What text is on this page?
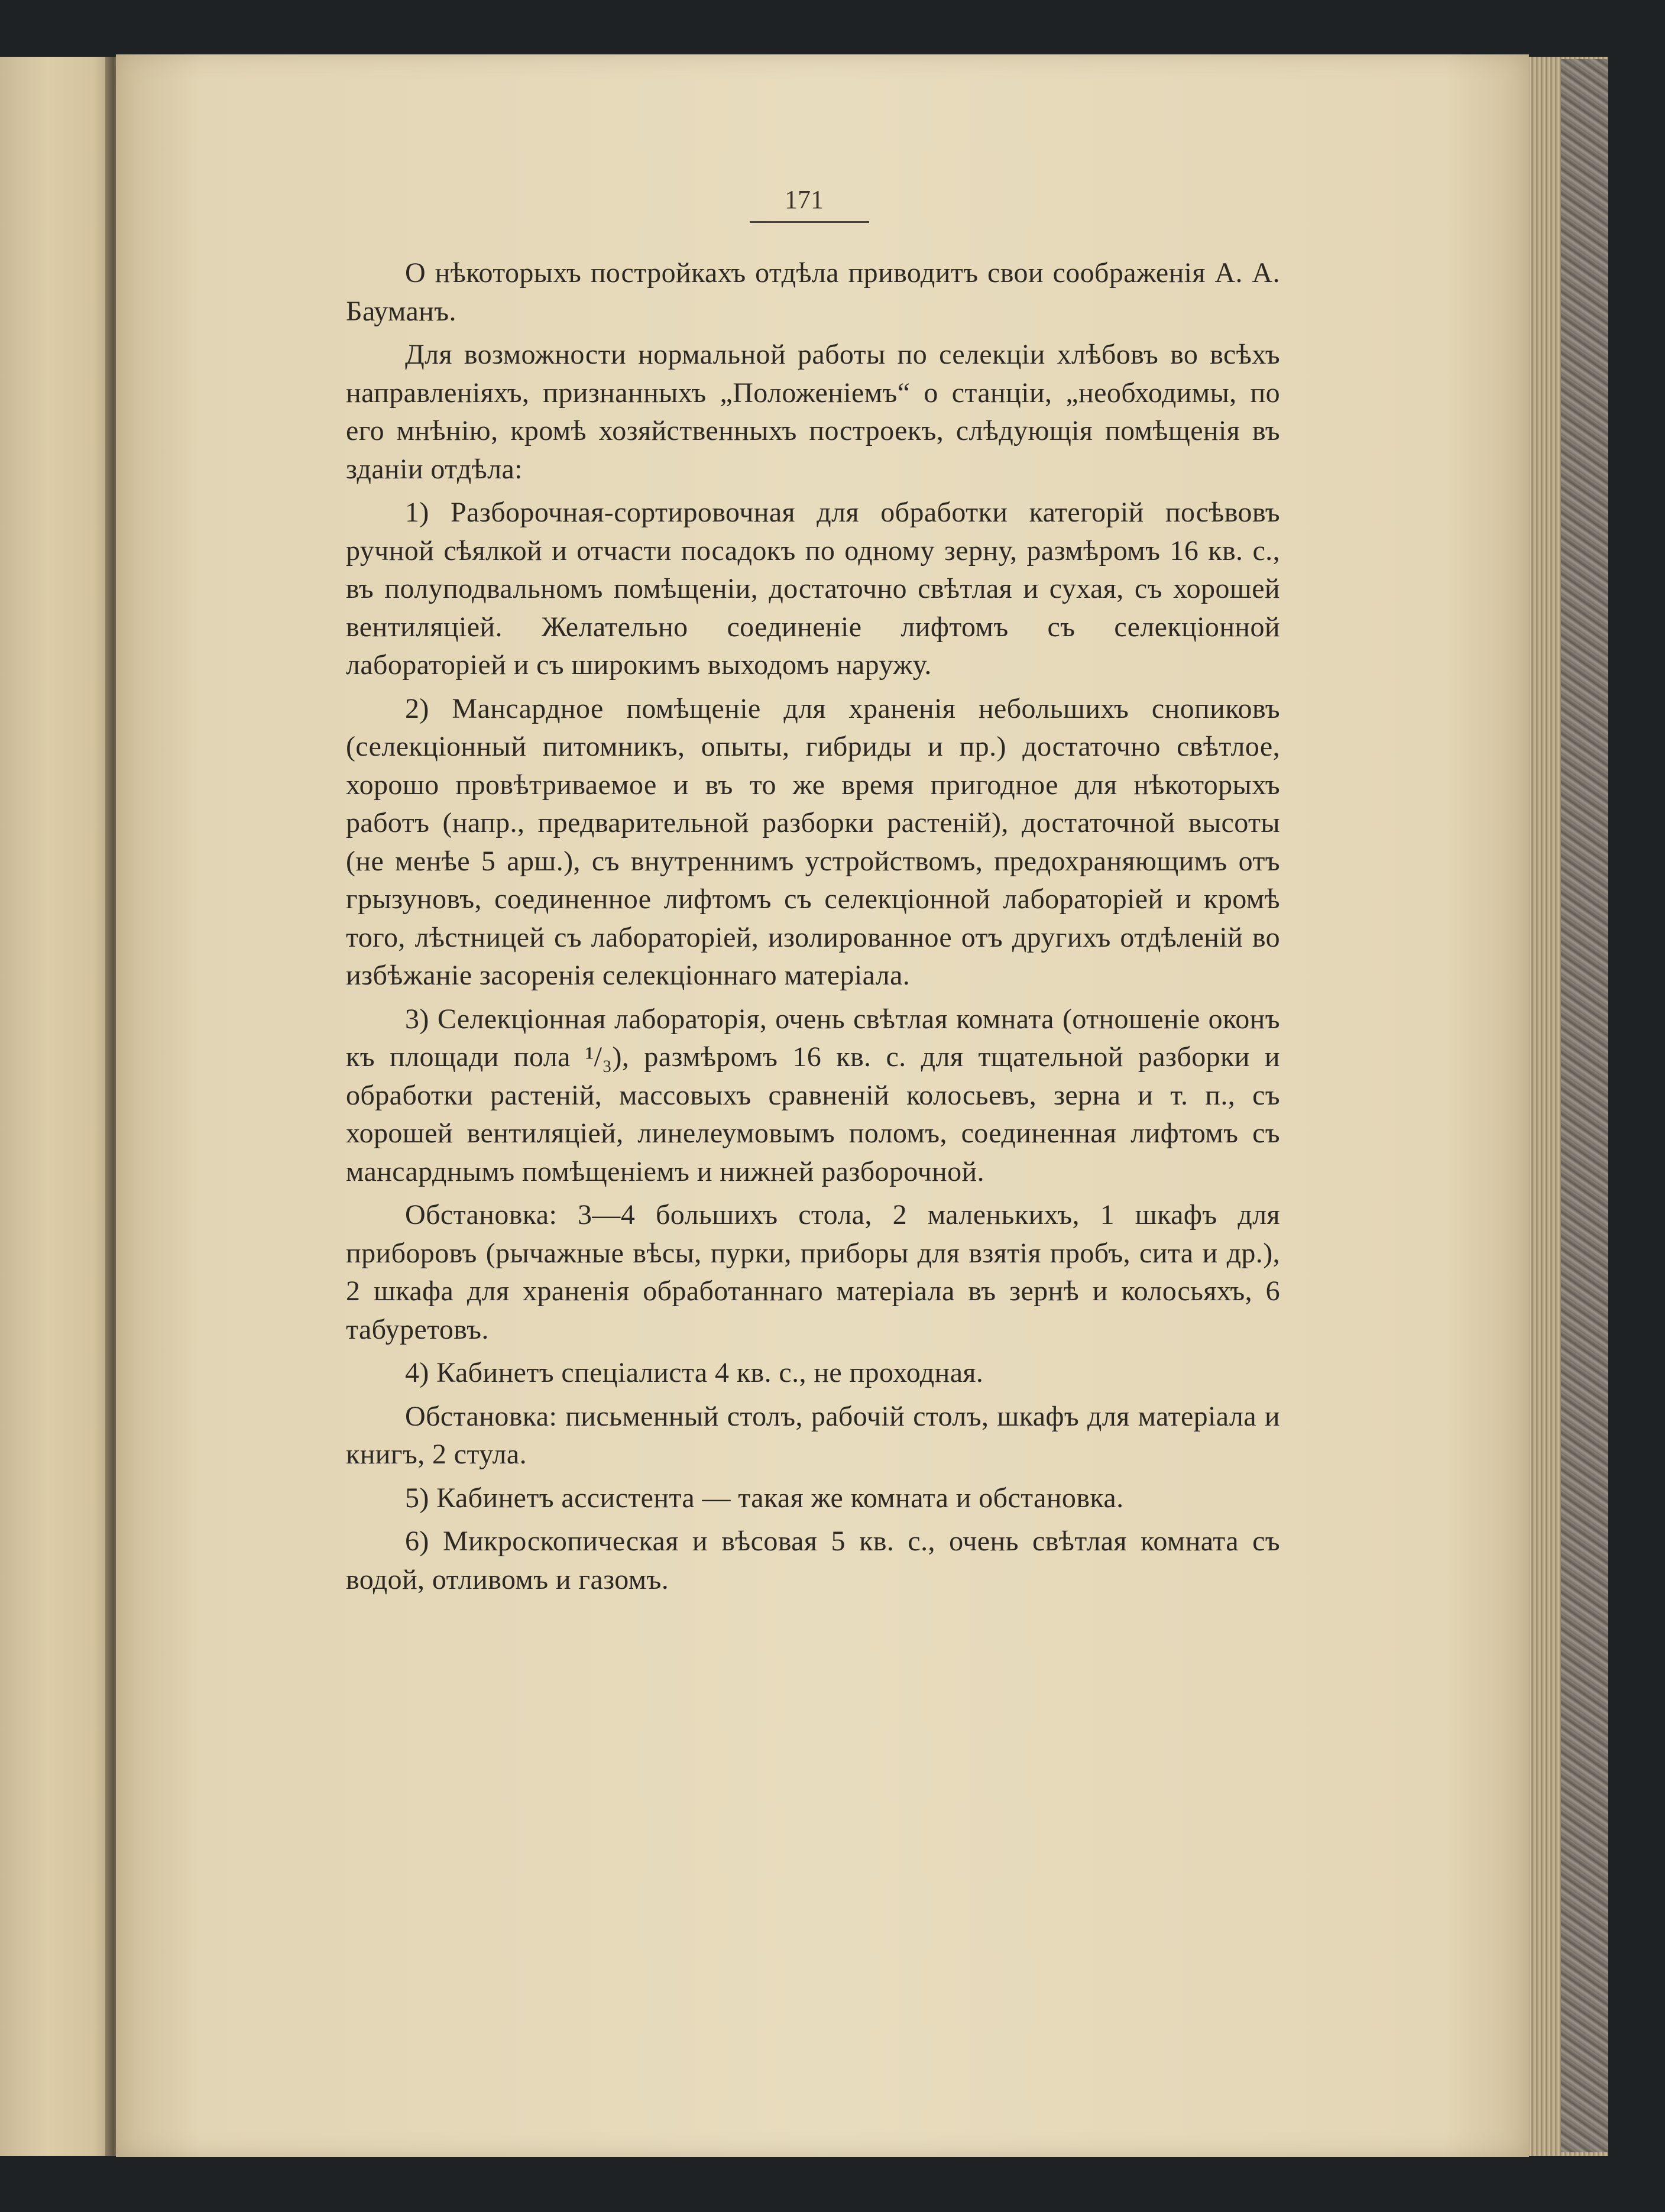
171

О нѣкоторыхъ постройкахъ отдѣла приводитъ свои соображенія А. А. Бауманъ.

Для возможности нормальной работы по селекціи хлѣбовъ во всѣхъ направленіяхъ, признанныхъ „Положеніемъ“ о станціи, „необходимы, по его мнѣнію, кромѣ хозяйственныхъ построекъ, слѣдующія помѣщенія въ зданіи отдѣла:

1) Разборочная-сортировочная для обработки категорій посѣвовъ ручной сѣялкой и отчасти посадокъ по одному зерну, размѣромъ 16 кв. с., въ полуподвальномъ помѣщеніи, достаточно свѣтлая и сухая, съ хорошей вентиляціей. Желательно соединеніе лифтомъ съ селекціонной лабораторіей и съ широкимъ выходомъ наружу.

2) Мансардное помѣщеніе для храненія небольшихъ снопиковъ (селекціонный питомникъ, опыты, гибриды и пр.) достаточно свѣтлое, хорошо провѣтриваемое и въ то же время пригодное для нѣкоторыхъ работъ (напр., предварительной разборки растеній), достаточной высоты (не менѣе 5 арш.), съ внутреннимъ устройствомъ, предохраняющимъ отъ грызуновъ, соединенное лифтомъ съ селекціонной лабораторіей и кромѣ того, лѣстницей съ лабораторіей, изолированное отъ другихъ отдѣленій во избѣжаніе засоренія селекціоннаго матеріала.

3) Селекціонная лабораторія, очень свѣтлая комната (отношеніе оконъ къ площади пола ¹/₃), размѣромъ 16 кв. с. для тщательной разборки и обработки растеній, массовыхъ сравненій колосьевъ, зерна и т. п., съ хорошей вентиляціей, линелеумовымъ поломъ, соединенная лифтомъ съ мансарднымъ помѣщеніемъ и нижней разборочной.

Обстановка: 3—4 большихъ стола, 2 маленькихъ, 1 шкафъ для приборовъ (рычажные вѣсы, пурки, приборы для взятія пробъ, сита и др.), 2 шкафа для храненія обработаннаго матеріала въ зернѣ и колосьяхъ, 6 табуретовъ.

4) Кабинетъ спеціалиста 4 кв. с., не проходная.

Обстановка: письменный столъ, рабочій столъ, шкафъ для матеріала и книгъ, 2 стула.

5) Кабинетъ ассистента — такая же комната и обстановка.

6) Микроскопическая и вѣсовая 5 кв. с., очень свѣтлая комната съ водой, отливомъ и газомъ.
